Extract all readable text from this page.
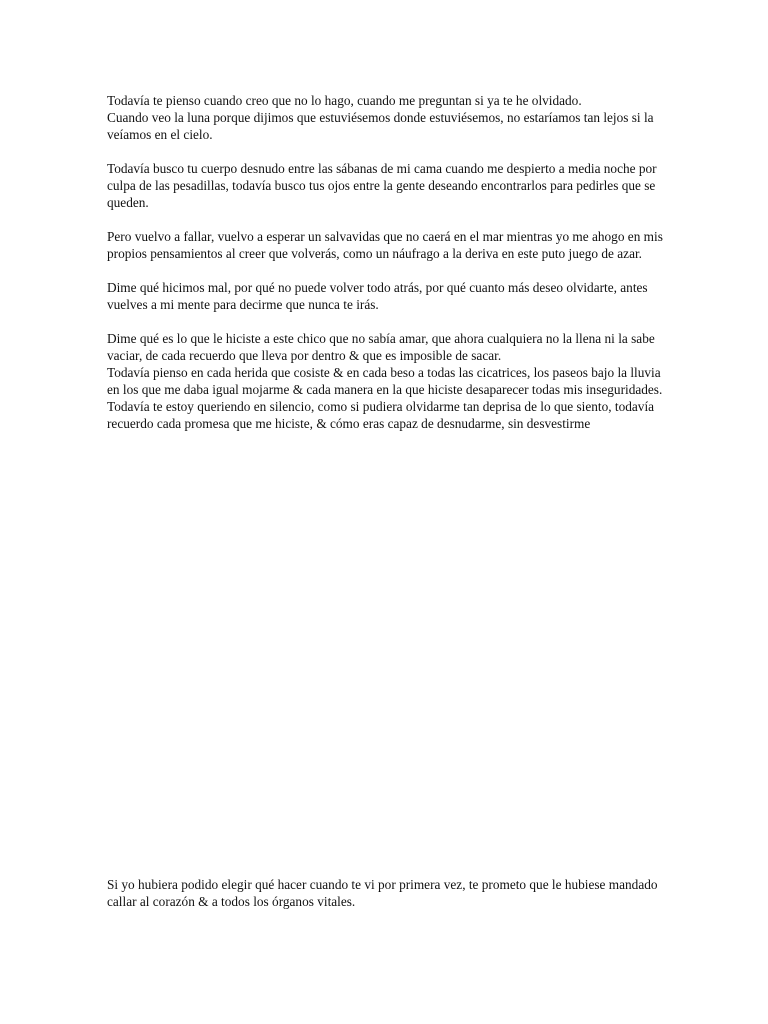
Todavía te pienso cuando creo que no lo hago, cuando me preguntan si ya te he olvidado.

Cuando veo la luna porque dijimos que estuviésemos donde estuviésemos, no estaríamos tan lejos si la veíamos en el cielo.

Todavía busco tu cuerpo desnudo entre las sábanas de mi cama cuando me despierto a media noche por culpa de las pesadillas, todavía busco tus ojos entre la gente deseando encontrarlos para pedirles que se queden.

Pero vuelvo a fallar, vuelvo a esperar un salvavidas que no caerá en el mar mientras yo me ahogo en mis propios pensamientos al creer que volverás, como un náufrago a la deriva en este puto juego de azar.

Dime qué hicimos mal, por qué no puede volver todo atrás, por qué cuanto más deseo olvidarte, antes vuelves a mi mente para decirme que nunca te irás.

Dime qué es lo que le hiciste a este chico que no sabía amar, que ahora cualquiera no la llena ni la sabe vaciar, de cada recuerdo que lleva por dentro & que es imposible de sacar.

Todavía pienso en cada herida que cosiste & en cada beso a todas las cicatrices, los paseos bajo la lluvia en los que me daba igual mojarme & cada manera en la que hiciste desaparecer todas mis inseguridades.

Todavía te estoy queriendo en silencio, como si pudiera olvidarme tan deprisa de lo que siento, todavía recuerdo cada promesa que me hiciste, & cómo eras capaz de desnudarme, sin desvestirme

Si yo hubiera podido elegir qué hacer cuando te vi por primera vez, te prometo que le hubiese mandado callar al corazón & a todos los órganos vitales.
